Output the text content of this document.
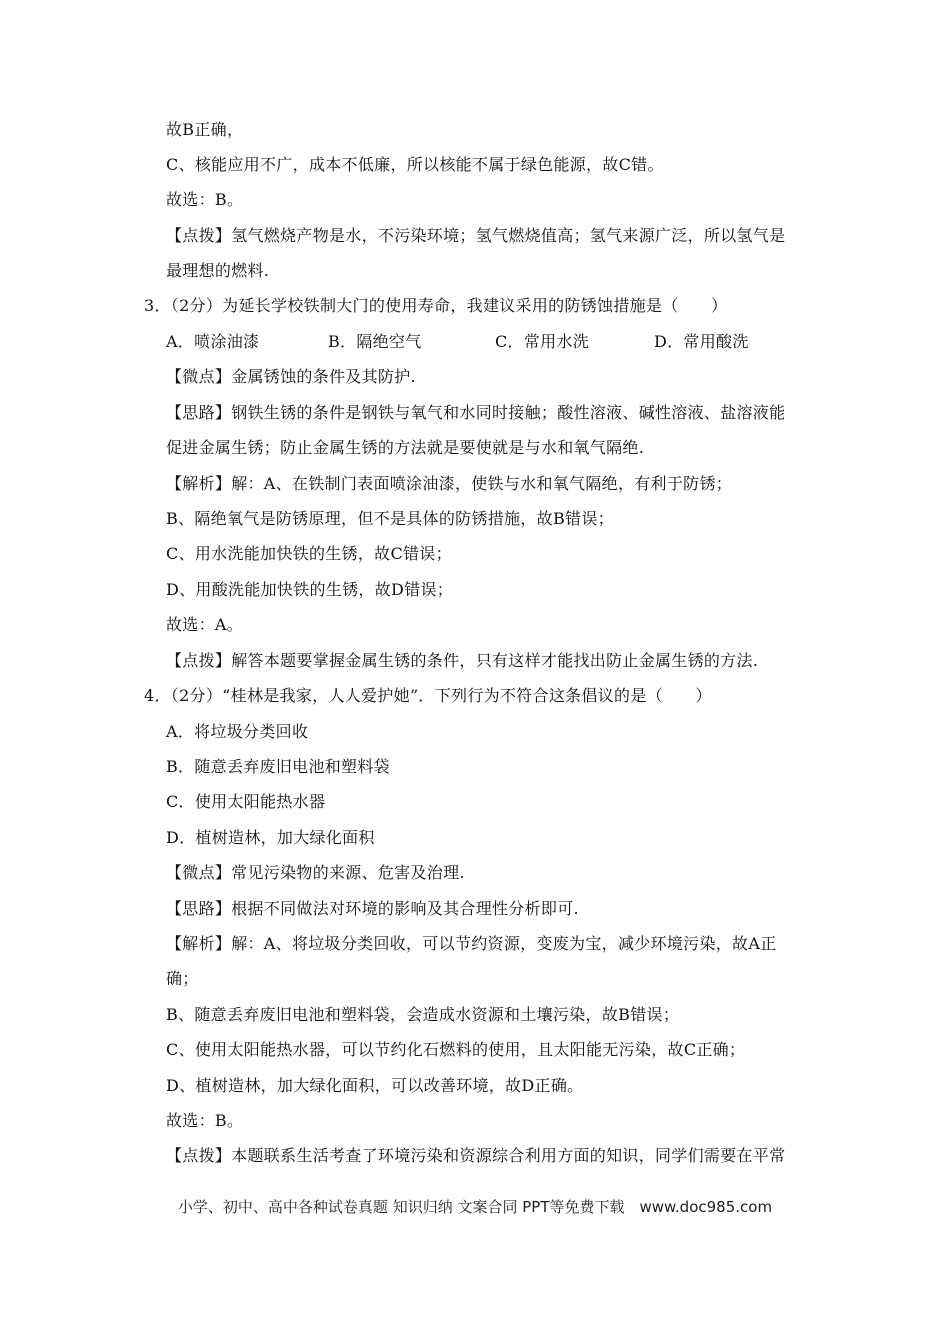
故B正确，
C、核能应用不广，成本不低廉，所以核能不属于绿色能源，故C错。
故选：B。
【点拨】氢气燃烧产物是水，不污染环境；氢气燃烧值高；氢气来源广泛，所以氢气是
最理想的燃料.
3．（2分）为延长学校铁制大门的使用寿命，我建议采用的防锈蚀措施是（　　）
A．喷涂油漆	B．隔绝空气	C．常用水洗	D．常用酸洗
【微点】金属锈蚀的条件及其防护.
【思路】钢铁生锈的条件是钢铁与氧气和水同时接触；酸性溶液、碱性溶液、盐溶液能
促进金属生锈；防止金属生锈的方法就是要使就是与水和氧气隔绝.
【解析】解：A、在铁制门表面喷涂油漆，使铁与水和氧气隔绝，有利于防锈；
B、隔绝氧气是防锈原理，但不是具体的防锈措施，故B错误；
C、用水洗能加快铁的生锈，故C错误；
D、用酸洗能加快铁的生锈，故D错误；
故选：A。
【点拨】解答本题要掌握金属生锈的条件，只有这样才能找出防止金属生锈的方法.
4．（2分）“桂林是我家，人人爱护她”．下列行为不符合这条倡议的是（　　）
A．将垃圾分类回收
B．随意丢弃废旧电池和塑料袋
C．使用太阳能热水器
D．植树造林，加大绿化面积
【微点】常见污染物的来源、危害及治理.
【思路】根据不同做法对环境的影响及其合理性分析即可.
【解析】解：A、将垃圾分类回收，可以节约资源，变废为宝，减少环境污染，故A正
确；
B、随意丢弃废旧电池和塑料袋，会造成水资源和土壤污染，故B错误；
C、使用太阳能热水器，可以节约化石燃料的使用，且太阳能无污染，故C正确；
D、植树造林，加大绿化面积，可以改善环境，故D正确。
故选：B。
【点拨】本题联系生活考查了环境污染和资源综合利用方面的知识，同学们需要在平常
小学、初中、高中各种试卷真题 知识归纳 文案合同 PPT等免费下载　www.doc985.com
